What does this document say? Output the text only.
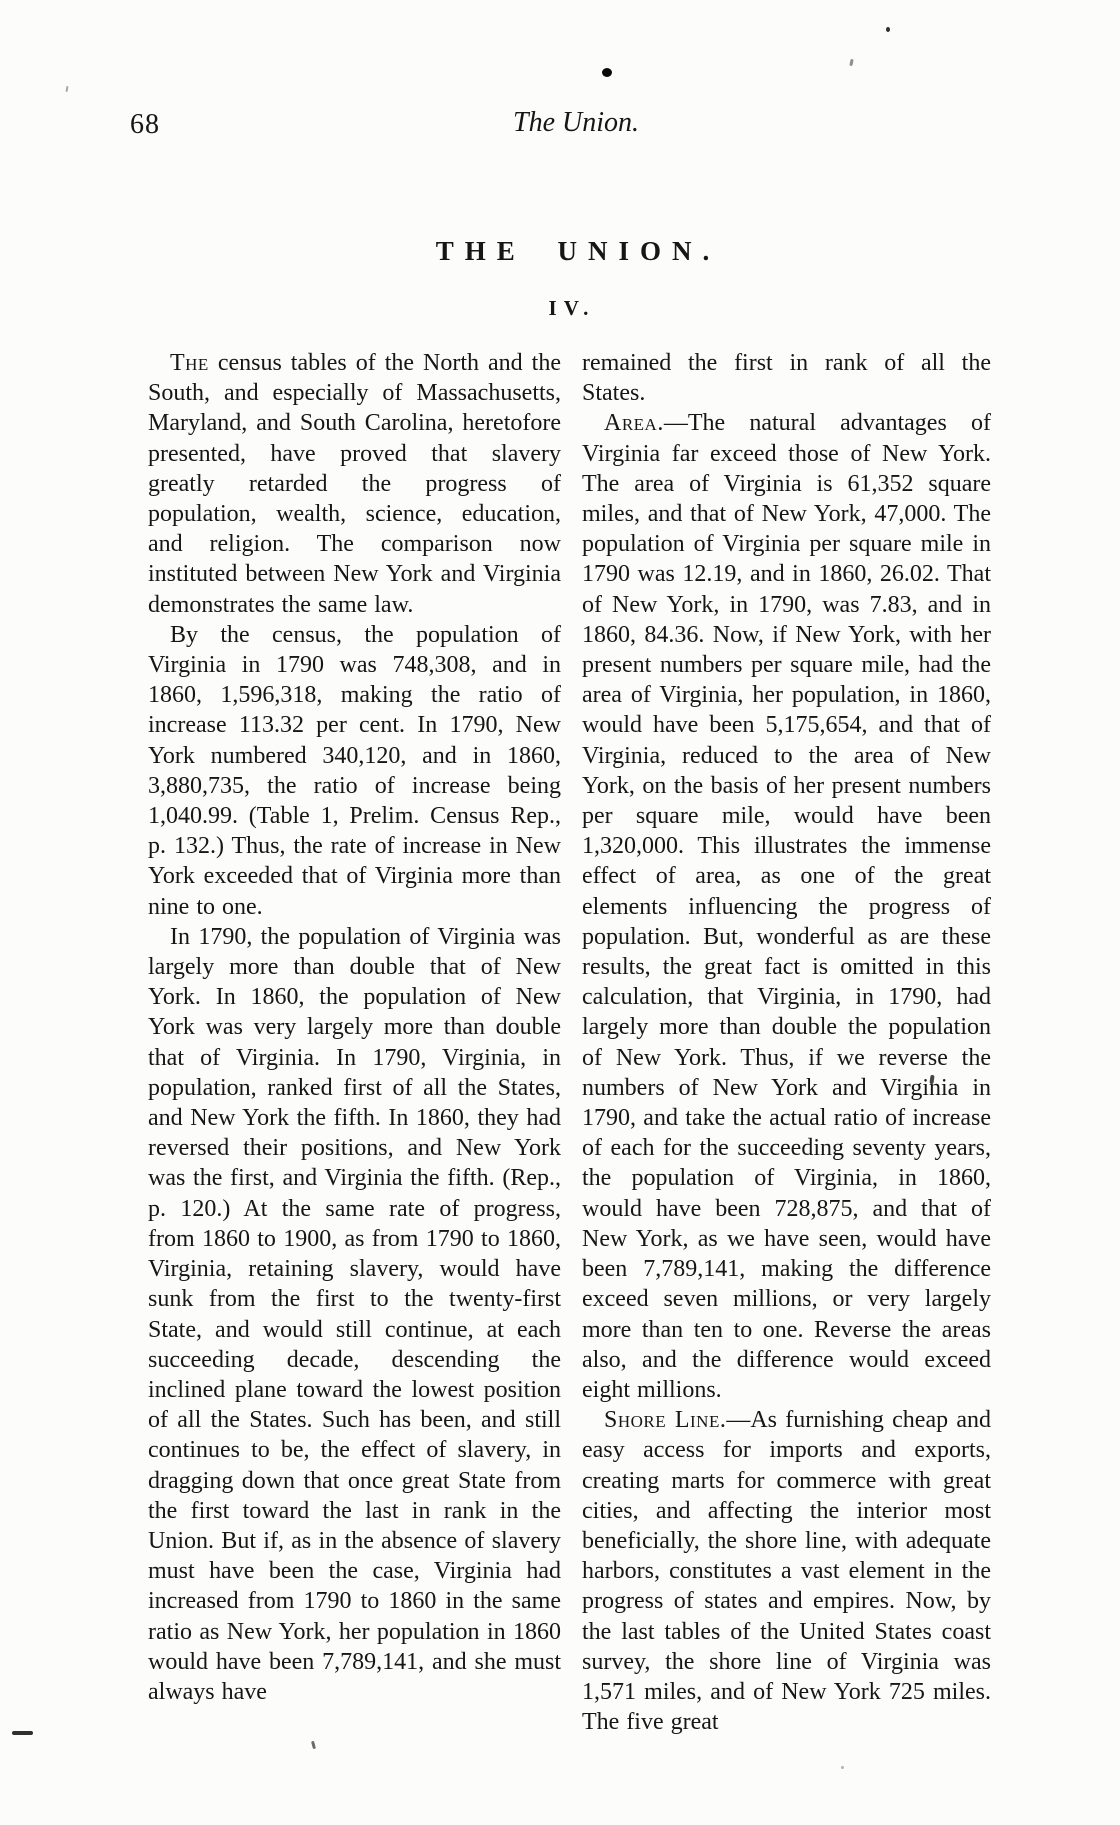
68	The Union.
THE UNION.
IV.

The census tables of the North and the South, and especially of Massachusetts, Maryland, and South Carolina, heretofore presented, have proved that slavery greatly retarded the progress of population, wealth, science, education, and religion. The comparison now instituted between New York and Virginia demonstrates the same law.

By the census, the population of Virginia in 1790 was 748,308, and in 1860, 1,596,318, making the ratio of increase 113.32 per cent. In 1790, New York numbered 340,120, and in 1860, 3,880,735, the ratio of increase being 1,040.99. (Table 1, Prelim. Census Rep., p. 132.) Thus, the rate of increase in New York exceeded that of Virginia more than nine to one.

In 1790, the population of Virginia was largely more than double that of New York. In 1860, the population of New York was very largely more than double that of Virginia. In 1790, Virginia, in population, ranked first of all the States, and New York the fifth. In 1860, they had reversed their positions, and New York was the first, and Virginia the fifth. (Rep., p. 120.) At the same rate of progress, from 1860 to 1900, as from 1790 to 1860, Virginia, retaining slavery, would have sunk from the first to the twenty-first State, and would still continue, at each succeeding decade, descending the inclined plane toward the lowest position of all the States. Such has been, and still continues to be, the effect of slavery, in dragging down that once great State from the first toward the last in rank in the Union. But if, as in the absence of slavery must have been the case, Virginia had increased from 1790 to 1860 in the same ratio as New York, her population in 1860 would have been 7,789,141, and she must always have

remained the first in rank of all the States.

Area.—The natural advantages of Virginia far exceed those of New York. The area of Virginia is 61,352 square miles, and that of New York, 47,000. The population of Virginia per square mile in 1790 was 12.19, and in 1860, 26.02. That of New York, in 1790, was 7.83, and in 1860, 84.36. Now, if New York, with her present numbers per square mile, had the area of Virginia, her population, in 1860, would have been 5,175,654, and that of Virginia, reduced to the area of New York, on the basis of her present numbers per square mile, would have been 1,320,000. This illustrates the immense effect of area, as one of the great elements influencing the progress of population. But, wonderful as are these results, the great fact is omitted in this calculation, that Virginia, in 1790, had largely more than double the population of New York. Thus, if we reverse the numbers of New York and Virginia in 1790, and take the actual ratio of increase of each for the succeeding seventy years, the population of Virginia, in 1860, would have been 728,875, and that of New York, as we have seen, would have been 7,789,141, making the difference exceed seven millions, or very largely more than ten to one. Reverse the areas also, and the difference would exceed eight millions.

Shore Line.—As furnishing cheap and easy access for imports and exports, creating marts for commerce with great cities, and affecting the interior most beneficially, the shore line, with adequate harbors, constitutes a vast element in the progress of states and empires. Now, by the last tables of the United States coast survey, the shore line of Virginia was 1,571 miles, and of New York 725 miles. The five great
